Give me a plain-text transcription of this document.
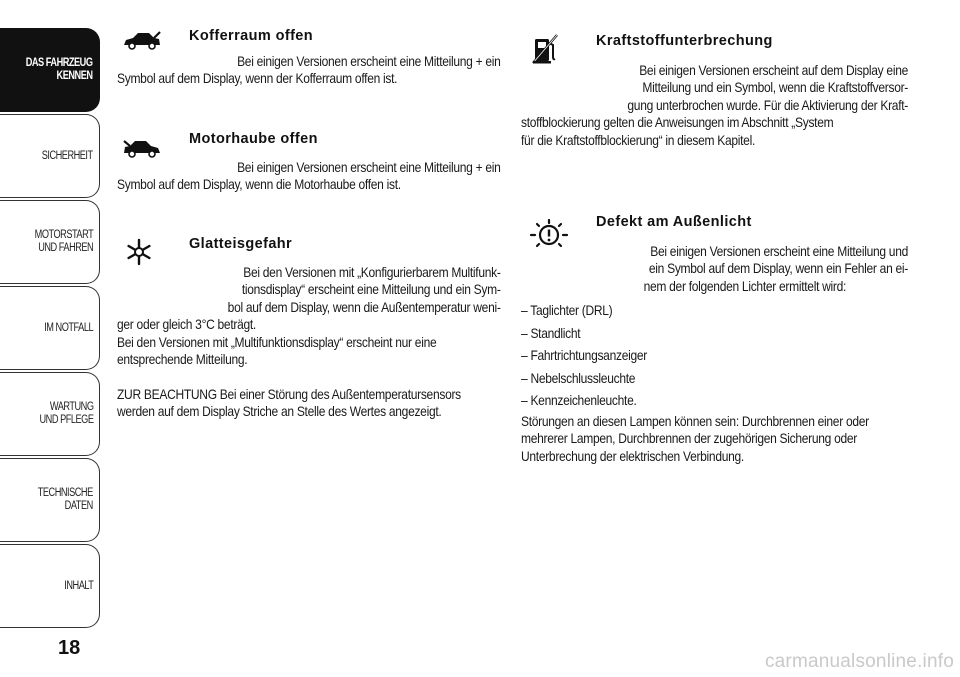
DAS FAHRZEUG
KENNEN
SICHERHEIT
MOTORSTART
UND FAHREN
IM NOTFALL
WARTUNG
UND PFLEGE
TECHNISCHE
DATEN
INHALT
18
Kofferraum offen
Bei einigen Versionen erscheint eine Mitteilung + ein
Symbol auf dem Display, wenn der Kofferraum offen ist.
Motorhaube offen
Bei einigen Versionen erscheint eine Mitteilung + ein
Symbol auf dem Display, wenn die Motorhaube offen ist.
Glatteisgefahr
Bei den Versionen mit „Konfigurierbarem Multifunk-
tionsdisplay“ erscheint eine Mitteilung und ein Sym-
bol auf dem Display, wenn die Außentemperatur weni-
ger oder gleich 3°C beträgt.
Bei den Versionen mit „Multifunktionsdisplay“ erscheint nur eine
entsprechende Mitteilung.
ZUR BEACHTUNG Bei einer Störung des Außentemperatursensors
werden auf dem Display Striche an Stelle des Wertes angezeigt.
Kraftstoffunterbrechung
Bei einigen Versionen erscheint auf dem Display eine
Mitteilung und ein Symbol, wenn die Kraftstoffversor-
gung unterbrochen wurde. Für die Aktivierung der Kraft-
stoffblockierung gelten die Anweisungen im Abschnitt „System
für die Kraftstoffblockierung“ in diesem Kapitel.
Defekt am Außenlicht
Bei einigen Versionen erscheint eine Mitteilung und
ein Symbol auf dem Display, wenn ein Fehler an ei-
nem der folgenden Lichter ermittelt wird:
– Taglichter (DRL)
– Standlicht
– Fahrtrichtungsanzeiger
– Nebelschlussleuchte
– Kennzeichenleuchte.
Störungen an diesen Lampen können sein: Durchbrennen einer oder
mehrerer Lampen, Durchbrennen der zugehörigen Sicherung oder
Unterbrechung der elektrischen Verbindung.
carmanualsonline.info
